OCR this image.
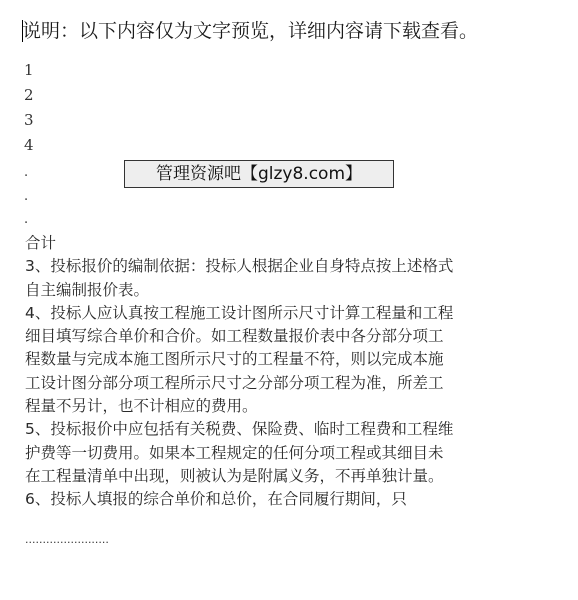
说明：以下内容仅为文字预览，详细内容请下载查看。
1
2
3
4
.
.
.
管理资源吧【glzy8.com】
合计
3、投标报价的编制依据：投标人根据企业自身特点按上述格式
自主编制报价表。
4、投标人应认真按工程施工设计图所示尺寸计算工程量和工程
细目填写综合单价和合价。如工程数量报价表中各分部分项工
程数量与完成本施工图所示尺寸的工程量不符，则以完成本施
工设计图分部分项工程所示尺寸之分部分项工程为准，所差工
程量不另计，也不计相应的费用。
5、投标报价中应包括有关税费、保险费、临时工程费和工程维
护费等一切费用。如果本工程规定的任何分项工程或其细目未
在工程量清单中出现，则被认为是附属义务，不再单独计量。
6、投标人填报的综合单价和总价，在合同履行期间，只
························
